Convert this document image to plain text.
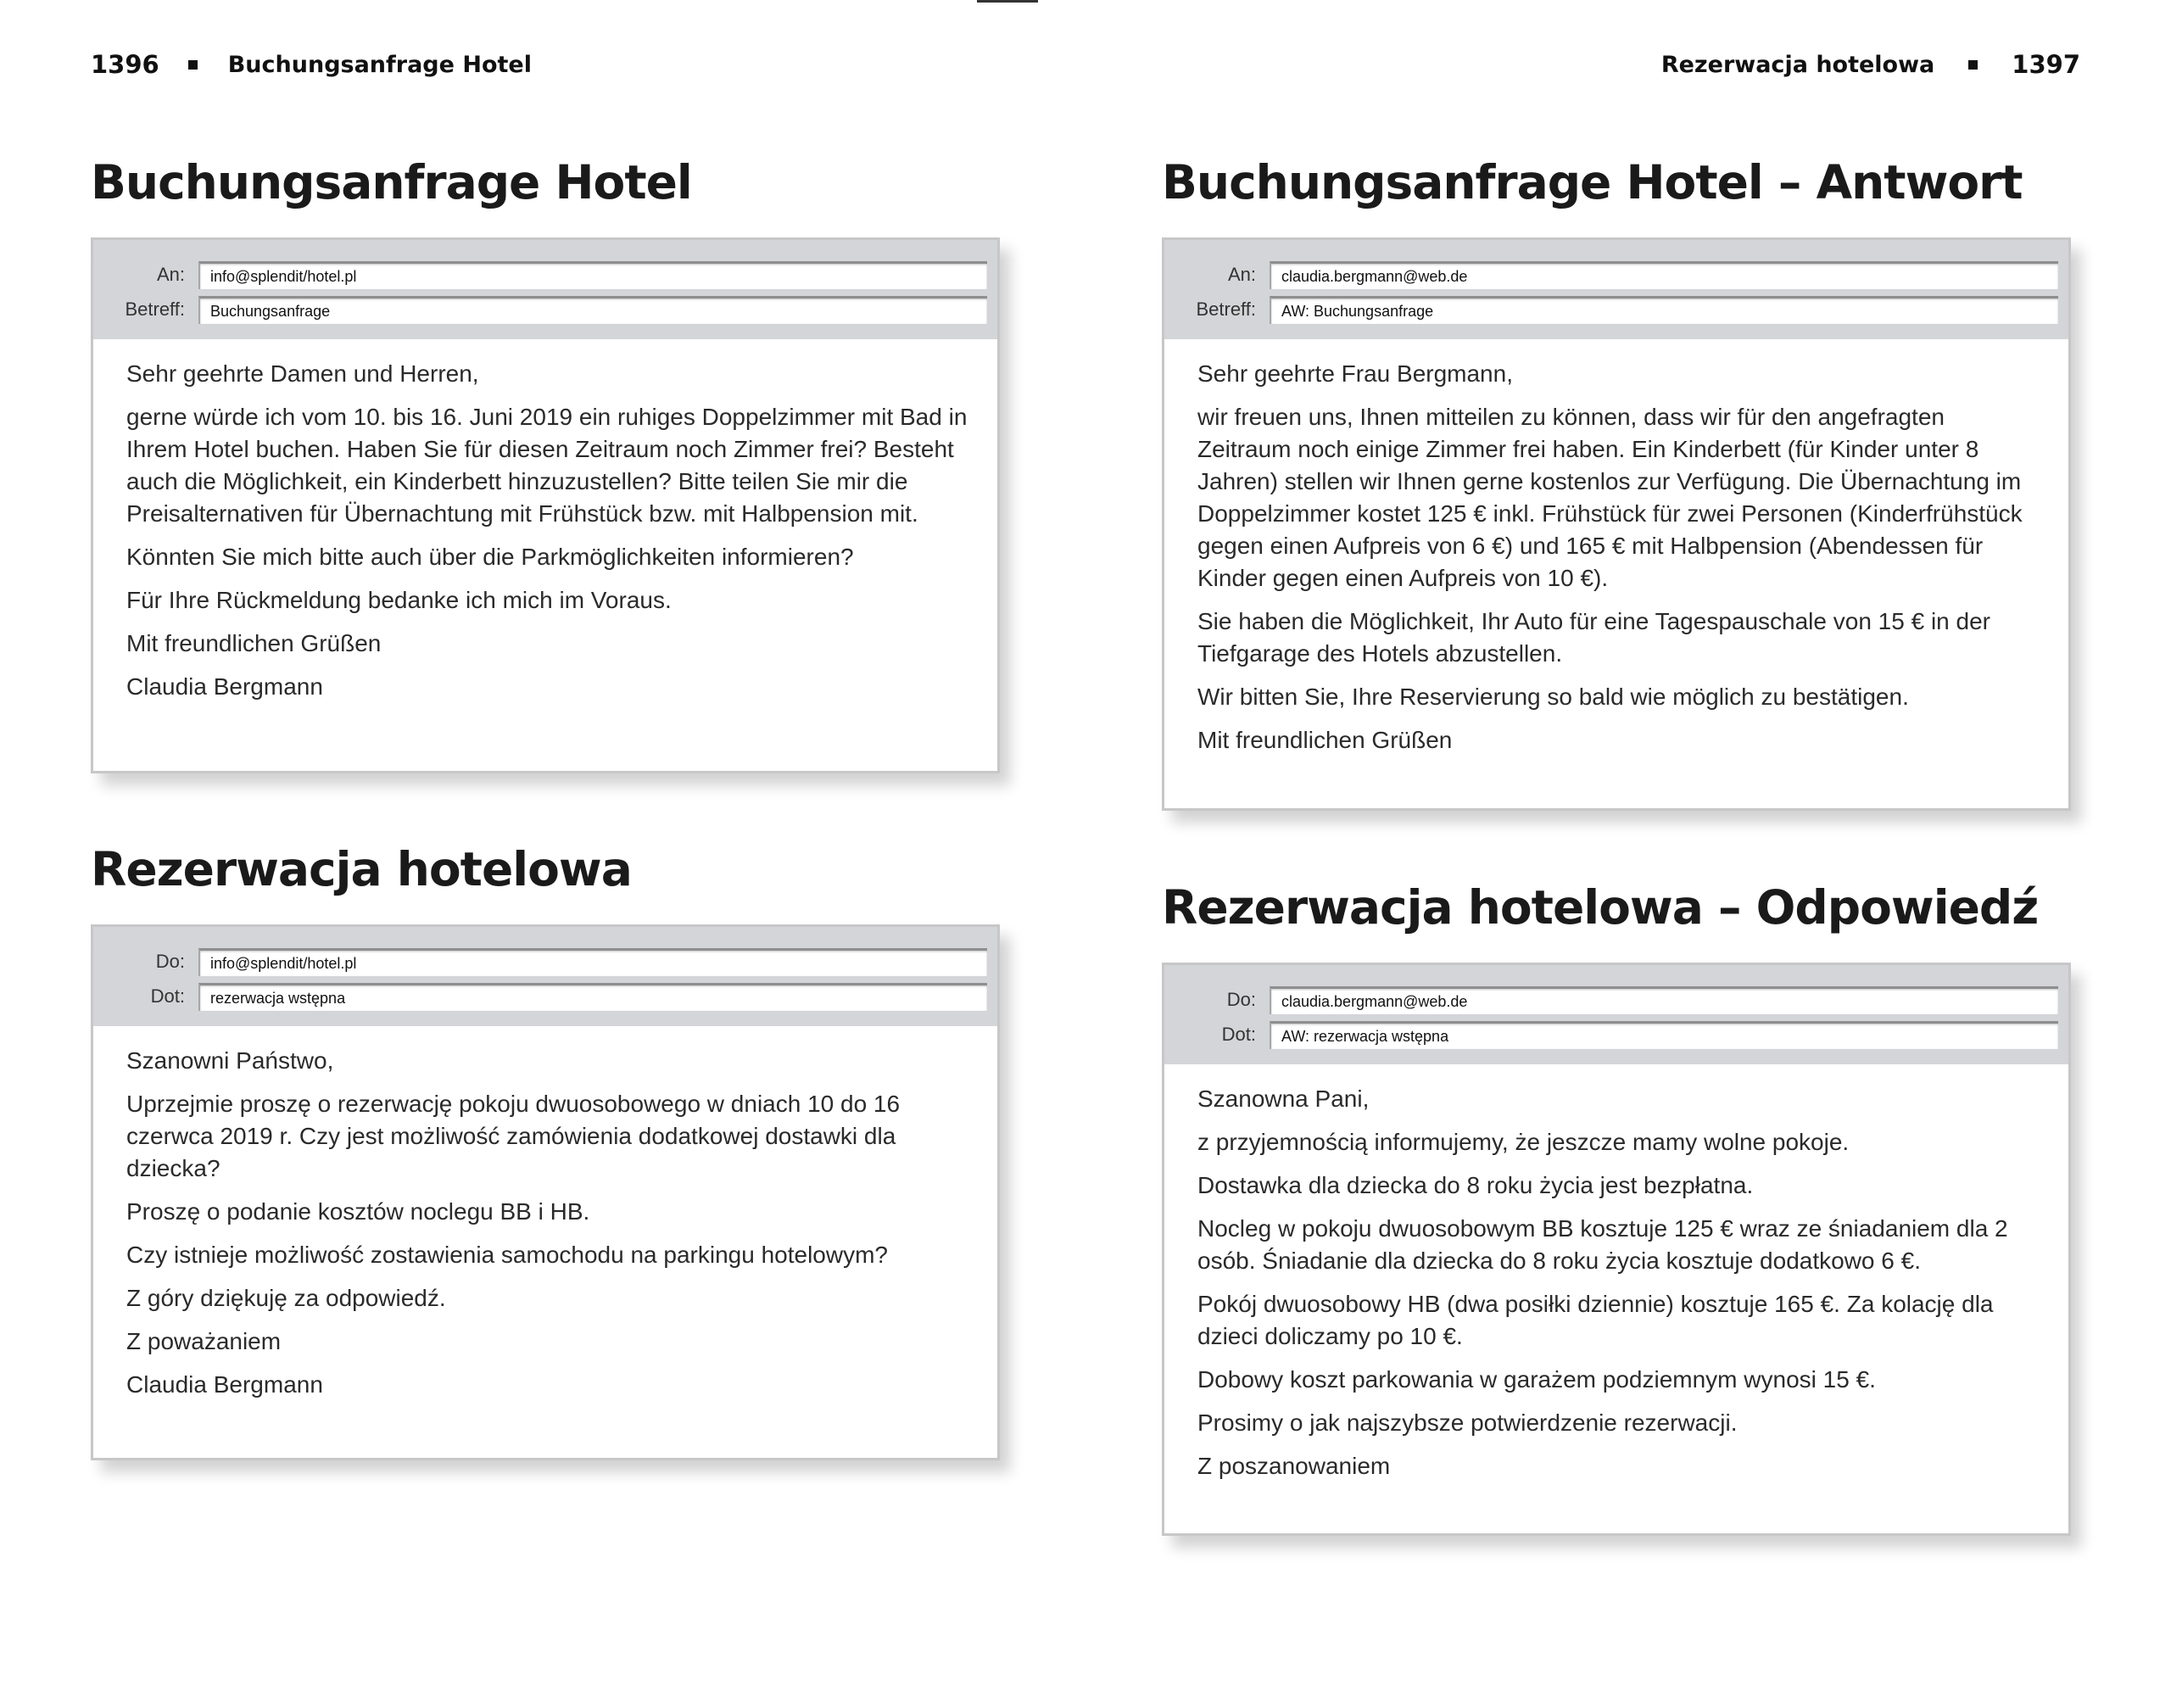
1396	Buchungsanfrage Hotel	Rezerwacja hotelowa	1397
Buchungsanfrage Hotel
An:	info@splendit/hotel.pl
Betreff:	Buchungsanfrage

Sehr geehrte Damen und Herren,

gerne würde ich vom 10. bis 16. Juni 2019 ein ruhiges Doppelzimmer mit Bad in Ihrem Hotel buchen. Haben Sie für diesen Zeitraum noch Zimmer frei? Besteht auch die Möglichkeit, ein Kinderbett hinzuzustellen? Bitte teilen Sie mir die Preisalternativen für Übernachtung mit Frühstück bzw. mit Halbpension mit.

Könnten Sie mich bitte auch über die Parkmöglichkeiten informieren?

Für Ihre Rückmeldung bedanke ich mich im Voraus.

Mit freundlichen Grüßen

Claudia Bergmann

Rezerwacja hotelowa
Do:	info@splendit/hotel.pl
Dot:	rezerwacja wstępna

Szanowni Państwo,

Uprzejmie proszę o rezerwację pokoju dwuosobowego w dniach 10 do 16 czerwca 2019 r. Czy jest możliwość zamówienia dodatkowej dostawki dla dziecka?

Proszę o podanie kosztów noclegu BB i HB.

Czy istnieje możliwość zostawienia samochodu na parkingu hotelowym?

Z góry dziękuję za odpowiedź.

Z poważaniem

Claudia Bergmann

Buchungsanfrage Hotel – Antwort
An:	claudia.bergmann@web.de
Betreff:	AW: Buchungsanfrage

Sehr geehrte Frau Bergmann,

wir freuen uns, Ihnen mitteilen zu können, dass wir für den angefragten Zeitraum noch einige Zimmer frei haben. Ein Kinderbett (für Kinder unter 8 Jahren) stellen wir Ihnen gerne kostenlos zur Verfügung. Die Übernachtung im Doppelzimmer kostet 125 € inkl. Frühstück für zwei Personen (Kinderfrühstück gegen einen Aufpreis von 6 €) und 165 € mit Halbpension (Abendessen für Kinder gegen einen Aufpreis von 10 €).

Sie haben die Möglichkeit, Ihr Auto für eine Tagespauschale von 15 € in der Tiefgarage des Hotels abzustellen.

Wir bitten Sie, Ihre Reservierung so bald wie möglich zu bestätigen.

Mit freundlichen Grüßen

Rezerwacja hotelowa – Odpowiedź
Do:	claudia.bergmann@web.de
Dot:	AW: rezerwacja wstępna

Szanowna Pani,

z przyjemnością informujemy, że jeszcze mamy wolne pokoje.

Dostawka dla dziecka do 8 roku życia jest bezpłatna.

Nocleg w pokoju dwuosobowym BB kosztuje 125 € wraz ze śniadaniem dla 2 osób. Śniadanie dla dziecka do 8 roku życia kosztuje dodatkowo 6 €.

Pokój dwuosobowy HB (dwa posiłki dziennie) kosztuje 165 €. Za kolację dla dzieci doliczamy po 10 €.

Dobowy koszt parkowania w garażem podziemnym wynosi 15 €.

Prosimy o jak najszybsze potwierdzenie rezerwacji.

Z poszanowaniem
